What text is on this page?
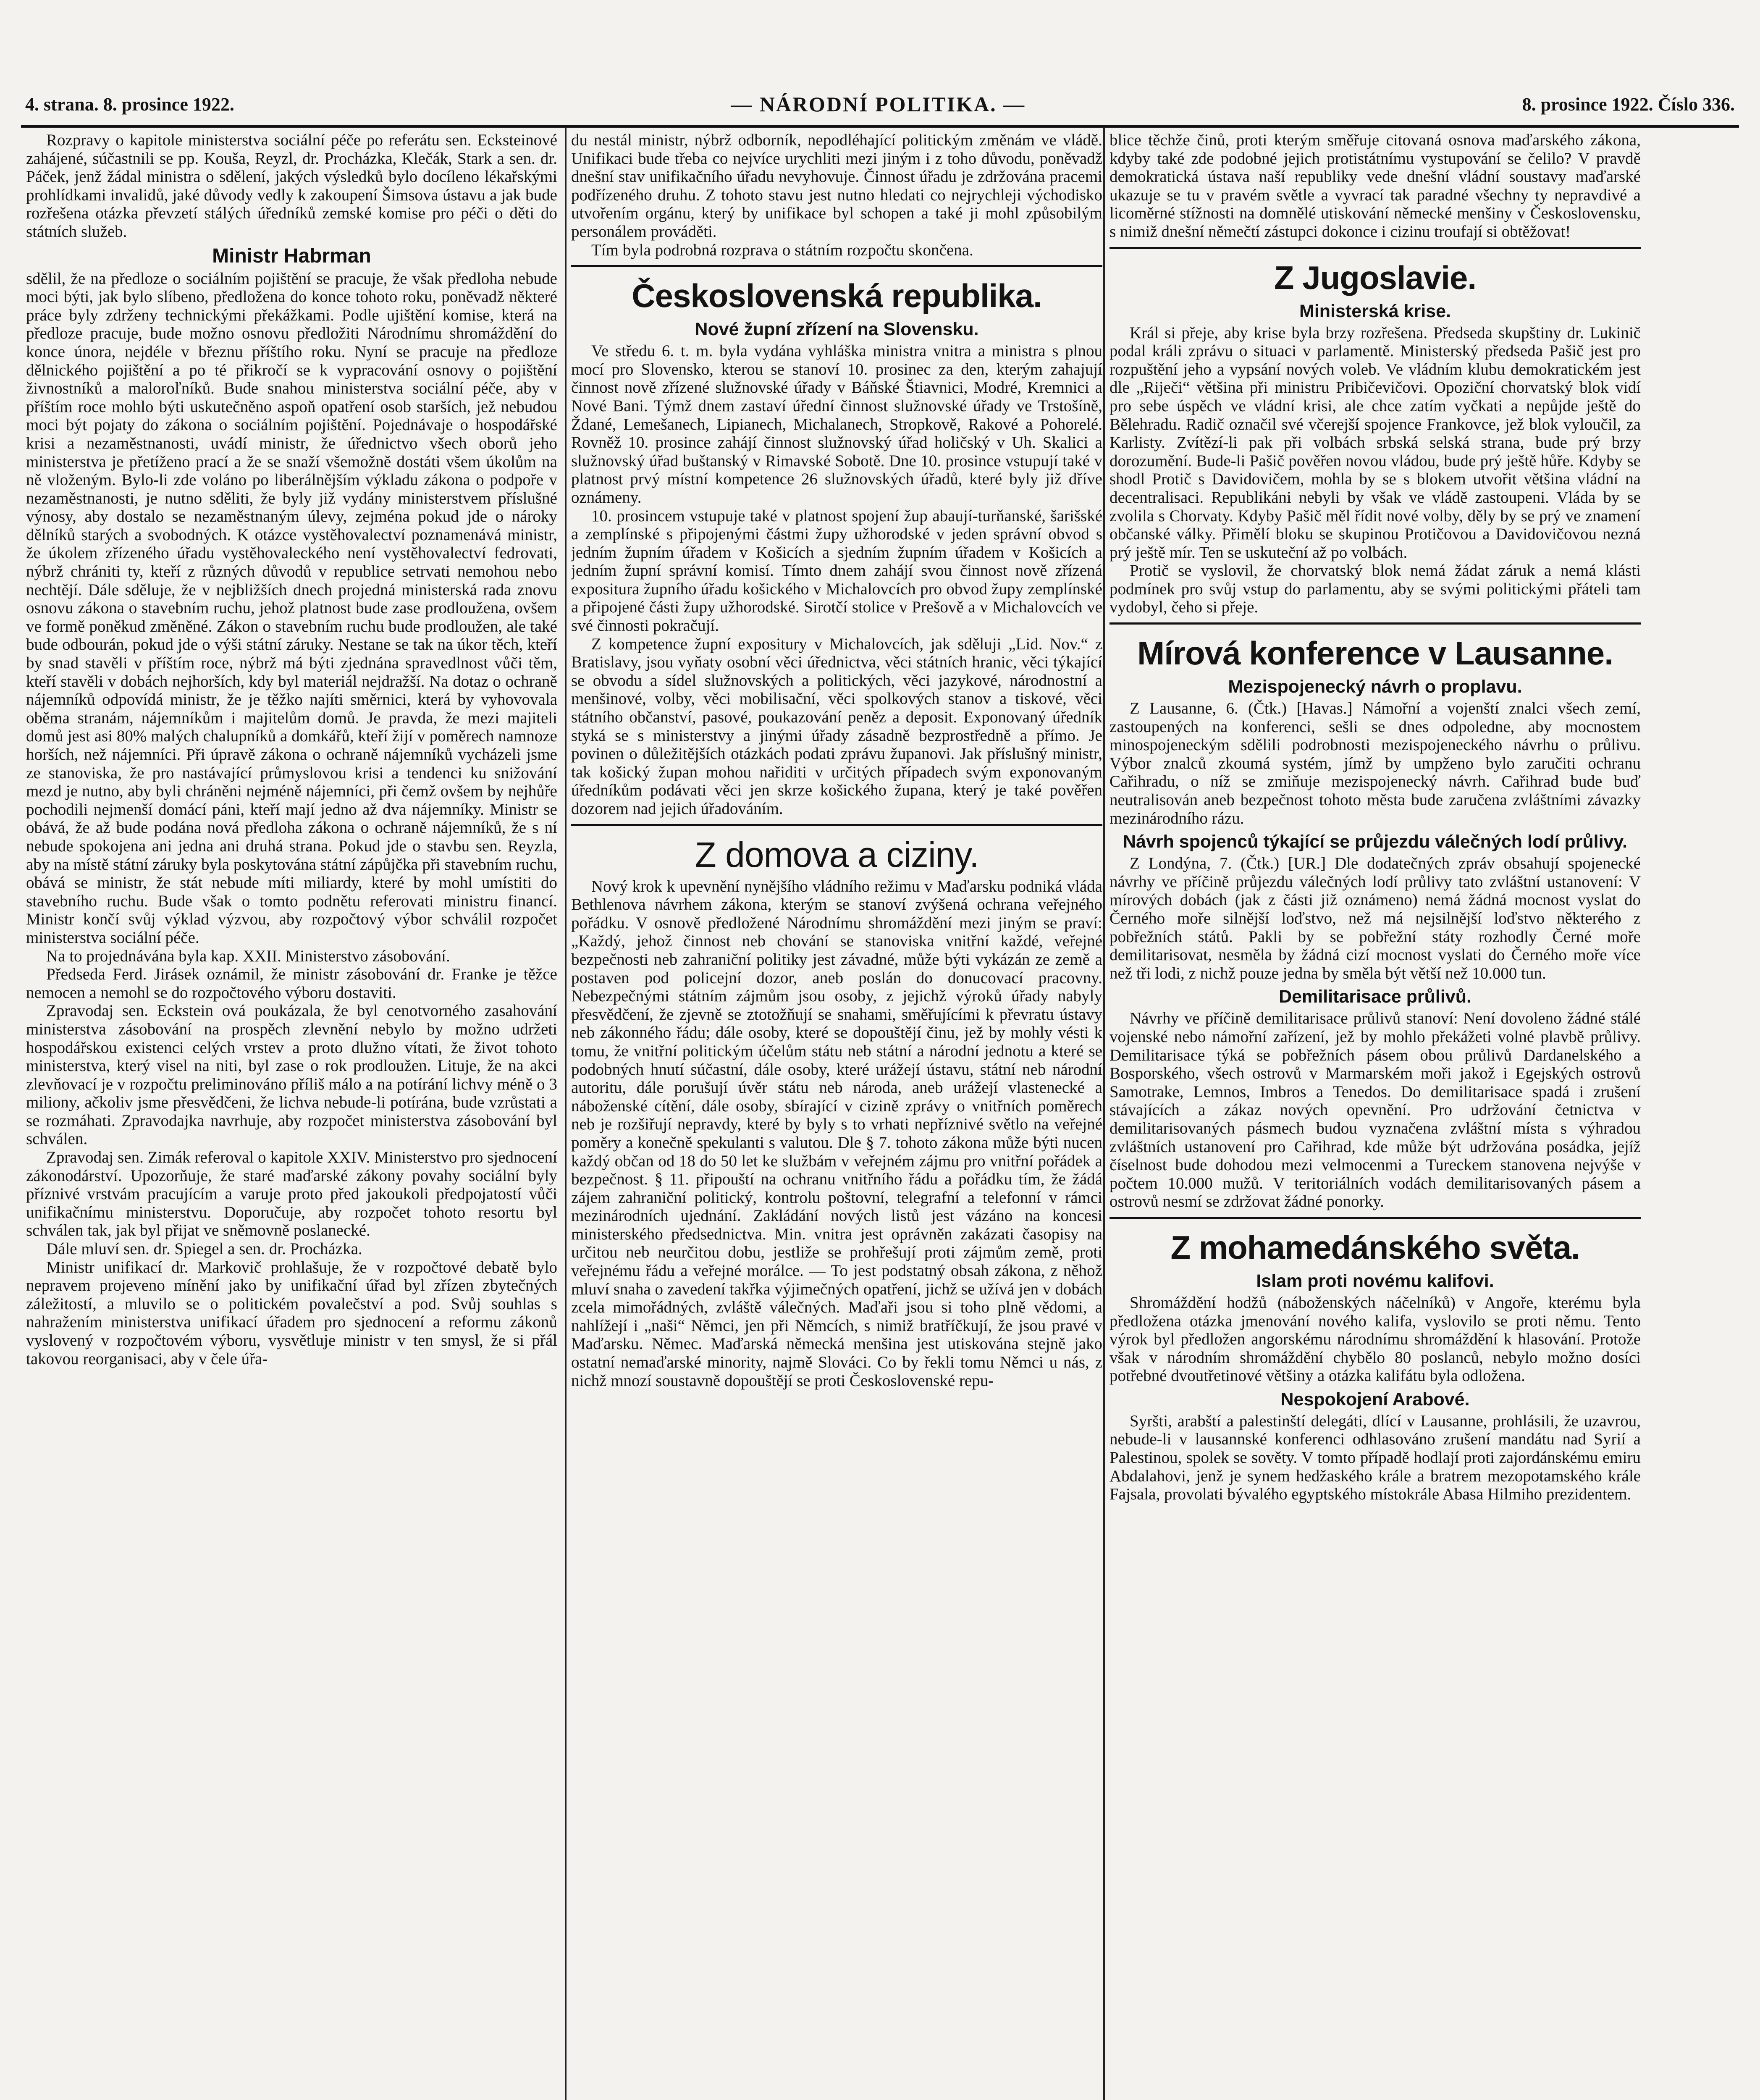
4. strana. 8. prosince 1922.	— NÁRODNÍ POLITIKA. —	8. prosince 1922. Číslo 336.

Rozpravy o kapitole ministerstva sociální péče po referátu sen. Ecksteinové zahájené, súčastnili se pp. Kouša, Reyzl, dr. Procházka, Klečák, Stark a sen. dr. Páček, jenž žádal ministra o sdělení, jakých výsledků bylo docíleno lékařskými prohlídkami invalidů, jaké důvody vedly k zakoupení Šimsova ústavu a jak bude rozřešena otázka převzetí stálých úředníků zemské komise pro péči o děti do státních služeb.

Ministr Habrman

sdělil, že na předloze o sociálním pojištění se pracuje, že však předloha nebude moci býti, jak bylo slíbeno, předložena do konce tohoto roku, poněvadž některé práce byly zdrženy technickými překážkami. Podle ujištění komise, která na předloze pracuje, bude možno osnovu předložiti Národnímu shromáždění do konce února, nejdéle v březnu příštího roku. Nyní se pracuje na předloze dělnického pojištění a po té přikročí se k vypracování osnovy o pojištění živnostníků a maloroľníků. Bude snahou ministerstva sociální péče, aby v příštím roce mohlo býti uskutečněno aspoň opatření osob starších, jež nebudou moci být pojaty do zákona o sociálním pojištění. Pojednávaje o hospodářské krisi a nezaměstnanosti, uvádí ministr, že úřednictvo všech oborů jeho ministerstva je přetíženo prací a že se snaží všemožně dostáti všem úkolům na ně vloženým. Bylo-li zde voláno po liberálnějším výkladu zákona o podpoře v nezaměstnanosti, je nutno sděliti, že byly již vydány ministerstvem příslušné výnosy, aby dostalo se nezaměstnaným úlevy, zejména pokud jde o nároky dělníků starých a svobodných. K otázce vystěhovalectví poznamenává ministr, že úkolem zřízeného úřadu vystěhovaleckého není vystěhovalectví fedrovati, nýbrž chrániti ty, kteří z různých důvodů v republice setrvati nemohou nebo nechtějí. Dále sděluje, že v nejbližších dnech projedná ministerská rada znovu osnovu zákona o stavebním ruchu, jehož platnost bude zase prodloužena, ovšem ve formě poněkud změněné. Zákon o stavebním ruchu bude prodloužen, ale také bude odbourán, pokud jde o výši státní záruky. Nestane se tak na úkor těch, kteří by snad stavěli v příštím roce, nýbrž má býti zjednána spravedlnost vůči těm, kteří stavěli v dobách nejhorších, kdy byl materiál nejdražší. Na dotaz o ochraně nájemníků odpovídá ministr, že je těžko najíti směrnici, která by vyhovovala oběma stranám, nájemníkům i majitelům domů. Je pravda, že mezi majiteli domů jest asi 80% malých chalupníků a domkářů, kteří žijí v poměrech namnoze horších, než nájemníci. Při úpravě zákona o ochraně nájemníků vycházeli jsme ze stanoviska, že pro nastávající průmyslovou krisi a tendenci ku snižování mezd je nutno, aby byli chráněni nejméně nájemníci, při čemž ovšem by nejhůře pochodili nejmenší domácí páni, kteří mají jedno až dva nájemníky. Ministr se obává, že až bude podána nová předloha zákona o ochraně nájemníků, že s ní nebude spokojena ani jedna ani druhá strana. Pokud jde o stavbu sen. Reyzla, aby na místě státní záruky byla poskytována státní zápůjčka při stavebním ruchu, obává se ministr, že stát nebude míti miliardy, které by mohl umístiti do stavebního ruchu. Bude však o tomto podnětu referovati ministru financí. Ministr končí svůj výklad výzvou, aby rozpočtový výbor schválil rozpočet ministerstva sociální péče.

Na to projednávána byla kap. XXII. Ministerstvo zásobování.

Předseda Ferd. Jirásek oznámil, že ministr zásobování dr. Franke je těžce nemocen a nemohl se do rozpočtového výboru dostaviti.

Zpravodaj sen. Eckstein ová poukázala, že byl cenotvorného zasahování ministerstva zásobování na prospěch zlevnění nebylo by možno udržeti hospodářskou existenci celých vrstev a proto dlužno vítati, že život tohoto ministerstva, který visel na niti, byl zase o rok prodloužen. Lituje, že na akci zlevňovací je v rozpočtu preliminováno příliš málo a na potírání lichvy méně o 3 miliony, ačkoliv jsme přesvědčeni, že lichva nebude-li potírána, bude vzrůstati a se rozmáhati. Zpravodajka navrhuje, aby rozpočet ministerstva zásobování byl schválen.

Zpravodaj sen. Zimák referoval o kapitole XXIV. Ministerstvo pro sjednocení zákonodárství. Upozorňuje, že staré maďarské zákony povahy sociální byly příznivé vrstvám pracujícím a varuje proto před jakoukoli předpojatostí vůči unifikačnímu ministerstvu. Doporučuje, aby rozpočet tohoto resortu byl schválen tak, jak byl přijat ve sněmovně poslanecké.

Dále mluví sen. dr. Spiegel a sen. dr. Procházka.

Ministr unifikací dr. Markovič prohlašuje, že v rozpočtové debatě bylo nepravem projeveno mínění jako by unifikační úřad byl zřízen zbytečných záležitostí, a mluvilo se o politickém povalečství a pod. Svůj souhlas s nahražením ministerstva unifikací úřadem pro sjednocení a reformu zákonů vyslovený v rozpočtovém výboru, vysvětluje ministr v ten smysl, že si přál takovou reorganisaci, aby v čele úřa-

du nestál ministr, nýbrž odborník, nepodléhající politickým změnám ve vládě. Unifikaci bude třeba co nejvíce urychliti mezi jiným i z toho důvodu, poněvadž dnešní stav unifikačního úřadu nevyhovuje. Činnost úřadu je zdržována pracemi podřízeného druhu. Z tohoto stavu jest nutno hledati co nejrychleji východisko utvořením orgánu, který by unifikace byl schopen a také ji mohl způsobilým personálem prováděti.

Tím byla podrobná rozprava o státním rozpočtu skončena.

Československá republika.
Nové župní zřízení na Slovensku.

Ve středu 6. t. m. byla vydána vyhláška ministra vnitra a ministra s plnou mocí pro Slovensko, kterou se stanoví 10. prosinec za den, kterým zahajují činnost nově zřízené služnovské úřady v Báňské Štiavnici, Modré, Kremnici a Nové Bani. Týmž dnem zastaví úřední činnost služnovské úřady ve Trstošíně, Ždané, Lemešanech, Lipianech, Michalanech, Stropkově, Rakové a Pohorelé. Rovněž 10. prosince zahájí činnost služnovský úřad holičský v Uh. Skalici a služnovský úřad buštanský v Rimavské Sobotě. Dne 10. prosince vstupují také v platnost prvý místní kompetence 26 služnovských úřadů, které byly již dříve oznámeny.

10. prosincem vstupuje také v platnost spojení žup abaují-turňanské, šarišské a zemplínské s připojenými částmi župy užhorodské v jeden správní obvod s jedním župním úřadem v Košicích a sjedním župním úřadem v Košicích a jedním župní správní komisí. Tímto dnem zahájí svou činnost nově zřízená expositura župního úřadu košického v Michalovcích pro obvod župy zemplínské a připojené části župy užhorodské. Sirotčí stolice v Prešově a v Michalovcích ve své činnosti pokračují.

Z kompetence župní expositury v Michalovcích, jak sděluji „Lid. Nov.“ z Bratislavy, jsou vyňaty osobní věci úřednictva, věci státních hranic, věci týkající se obvodu a sídel služnovských a politických, věci jazykové, národnostní a menšinové, volby, věci mobilisační, věci spolkových stanov a tiskové, věci státního občanství, pasové, poukazování peněz a deposit. Exponovaný úředník styká se s ministerstvy a jinými úřady zásadně bezprostředně a přímo. Je povinen o důležitějších otázkách podati zprávu županovi. Jak příslušný ministr, tak košický župan mohou nařiditi v určitých případech svým exponovaným úředníkům podávati věci jen skrze košického župana, který je také pověřen dozorem nad jejich úřadováním.

Z domova a ciziny.

Nový krok k upevnění nynějšího vládního režimu v Maďarsku podniká vláda Bethlenova návrhem zákona, kterým se stanoví zvýšená ochrana veřejného pořádku. V osnově předložené Národnímu shromáždění mezi jiným se praví: „Každý, jehož činnost neb chování se stanoviska vnitřní každé, veřejné bezpečnosti neb zahraniční politiky jest závadné, může býti vykázán ze země a postaven pod policejní dozor, aneb poslán do donucovací pracovny. Nebezpečnými státním zájmům jsou osoby, z jejichž výroků úřady nabyly přesvědčení, že zjevně se ztotožňují se snahami, směřujícími k převratu ústavy neb zákonného řádu; dále osoby, které se dopouštějí činu, jež by mohly vésti k tomu, že vnitřní politickým účelům státu neb státní a národní jednotu a které se podobných hnutí súčastní, dále osoby, které urážejí ústavu, státní neb národní autoritu, dále porušují úvěr státu neb národa, aneb urážejí vlastenecké a náboženské cítění, dále osoby, sbírající v cizině zprávy o vnitřních poměrech neb je rozšiřují nepravdy, které by byly s to vrhati nepříznivé světlo na veřejné poměry a konečně spekulanti s valutou. Dle § 7. tohoto zákona může býti nucen každý občan od 18 do 50 let ke službám v veřejném zájmu pro vnitřní pořádek a bezpečnost. § 11. připouští na ochranu vnitřního řádu a pořádku tím, že žádá zájem zahraniční politický, kontrolu poštovní, telegrafní a telefonní v rámci mezinárodních ujednání. Zakládání nových listů jest vázáno na koncesi ministerského předsednictva. Min. vnitra jest oprávněn zakázati časopisy na určitou neb neurčitou dobu, jestliže se prohřešují proti zájmům země, proti veřejnému řádu a veřejné morálce. — To jest podstatný obsah zákona, z něhož mluví snaha o zavedení takřka výjimečných opatření, jichž se užívá jen v dobách zcela mimořádných, zvláště válečných. Maďaři jsou si toho plně vědomi, a nahlížejí i „naši“ Němci, jen při Němcích, s nimiž bratříčkují, že jsou pravé v Maďarsku. Němec. Maďarská německá menšina jest utiskována stejně jako ostatní nemaďarské minority, najmě Slováci. Co by řekli tomu Němci u nás, z nichž mnozí soustavně dopouštějí se proti Československé repu-

blice těchže činů, proti kterým směřuje citovaná osnova maďarského zákona, kdyby také zde podobné jejich protistátnímu vystupování se čelilo? V pravdě demokratická ústava naší republiky vede dnešní vládní soustavy maďarské ukazuje se tu v pravém světle a vyvrací tak paradné všechny ty nepravdivé a licoměrné stížnosti na domnělé utiskování německé menšiny v Československu, s nimiž dnešní němečtí zástupci dokonce i cizinu troufají si obtěžovat!

Z Jugoslavie.
Ministerská krise.

Král si přeje, aby krise byla brzy rozřešena. Předseda skupštiny dr. Lukinič podal králi zprávu o situaci v parlamentě. Ministerský předseda Pašič jest pro rozpuštění jeho a vypsání nových voleb. Ve vládním klubu demokratickém jest dle „Riječi“ většina při ministru Pribičevičovi. Opoziční chorvatský blok vidí pro sebe úspěch ve vládní krisi, ale chce zatím vyčkati a nepůjde ještě do Bělehradu. Radič označil své včerejší spojence Frankovce, jež blok vyloučil, za Karlisty. Zvítězí-li pak při volbách srbská selská strana, bude prý brzy dorozumění. Bude-li Pašič pověřen novou vládou, bude prý ještě hůře. Kdyby se shodl Protič s Davidovičem, mohla by se s blokem utvořit většina vládní na decentralisaci. Republikáni nebyli by však ve vládě zastoupeni. Vláda by se zvolila s Chorvaty. Kdyby Pašič měl řídit nové volby, děly by se prý ve znamení občanské války. Přimělí bloku se skupinou Protičovou a Davidovičovou nezná prý ještě mír. Ten se uskuteční až po volbách.

Protič se vyslovil, že chorvatský blok nemá žádat záruk a nemá klásti podmínek pro svůj vstup do parlamentu, aby se svými politickými přáteli tam vydobyl, čeho si přeje.

Mírová konference v Lausanne.
Mezispojenecký návrh o proplavu.

Z Lausanne, 6. (Čtk.) [Havas.] Námořní a vojenští znalci všech zemí, zastoupených na konferenci, sešli se dnes odpoledne, aby mocnostem minospojeneckým sdělili podrobnosti mezispojeneckého návrhu o průlivu. Výbor znalců zkoumá systém, jímž by umpženo bylo zaručiti ochranu Cařihradu, o níž se zmiňuje mezispojenecký návrh. Cařihrad bude buď neutralisován aneb bezpečnost tohoto města bude zaručena zvláštními závazky mezinárodního rázu.

Návrh spojenců týkající se průjezdu válečných lodí průlivy.

Z Londýna, 7. (Čtk.) [UR.] Dle dodatečných zpráv obsahují spojenecké návrhy ve příčině průjezdu válečných lodí průlivy tato zvláštní ustanovení: V mírových dobách (jak z části již oznámeno) nemá žádná mocnost vyslat do Černého moře silnější loďstvo, než má nejsilnější loďstvo některého z pobřežních států. Pakli by se pobřežní státy rozhodly Černé moře demilitarisovat, nesměla by žádná cizí mocnost vyslati do Černého moře více než tři lodi, z nichž pouze jedna by směla být větší než 10.000 tun.

Demilitarisace průlivů.

Návrhy ve příčině demilitarisace průlivů stanoví: Není dovoleno žádné stálé vojenské nebo námořní zařízení, jež by mohlo překážeti volné plavbě průlivy. Demilitarisace týká se pobřežních pásem obou průlivů Dardanelského a Bosporského, všech ostrovů v Marmarském moři jakož i Egejských ostrovů Samotrake, Lemnos, Imbros a Tenedos. Do demilitarisace spadá i zrušení stávajících a zákaz nových opevnění. Pro udržování četnictva v demilitarisovaných pásmech budou vyznačena zvláštní místa s výhradou zvláštních ustanovení pro Cařihrad, kde může být udržována posádka, jejíž číselnost bude dohodou mezi velmocenmi a Tureckem stanovena nejvýše v počtem 10.000 mužů. V teritoriálních vodách demilitarisovaných pásem a ostrovů nesmí se zdržovat žádné ponorky.

Z mohamedánského světa.
Islam proti novému kalifovi.

Shromáždění hodžů (náboženských náčelníků) v Angoře, kterému byla předložena otázka jmenování nového kalifa, vyslovilo se proti němu. Tento výrok byl předložen angorskému národnímu shromáždění k hlasování. Protože však v národním shromáždění chybělo 80 poslanců, nebylo možno dosíci potřebné dvoutřetinové většiny a otázka kalifátu byla odložena.

Nespokojení Arabové.

Syršti, arabští a palestinští delegáti, dlící v Lausanne, prohlásili, že uzavrou, nebude-li v lausannské konferenci odhlasováno zrušení mandátu nad Syrií a Palestinou, spolek se sověty. V tomto případě hodlají proti zajordánskému emiru Abdalahovi, jenž je synem hedžaského krále a bratrem mezopotamského krále Fajsala, provolati bývalého egyptského místokrále Abasa Hilmiho prezidentem.
